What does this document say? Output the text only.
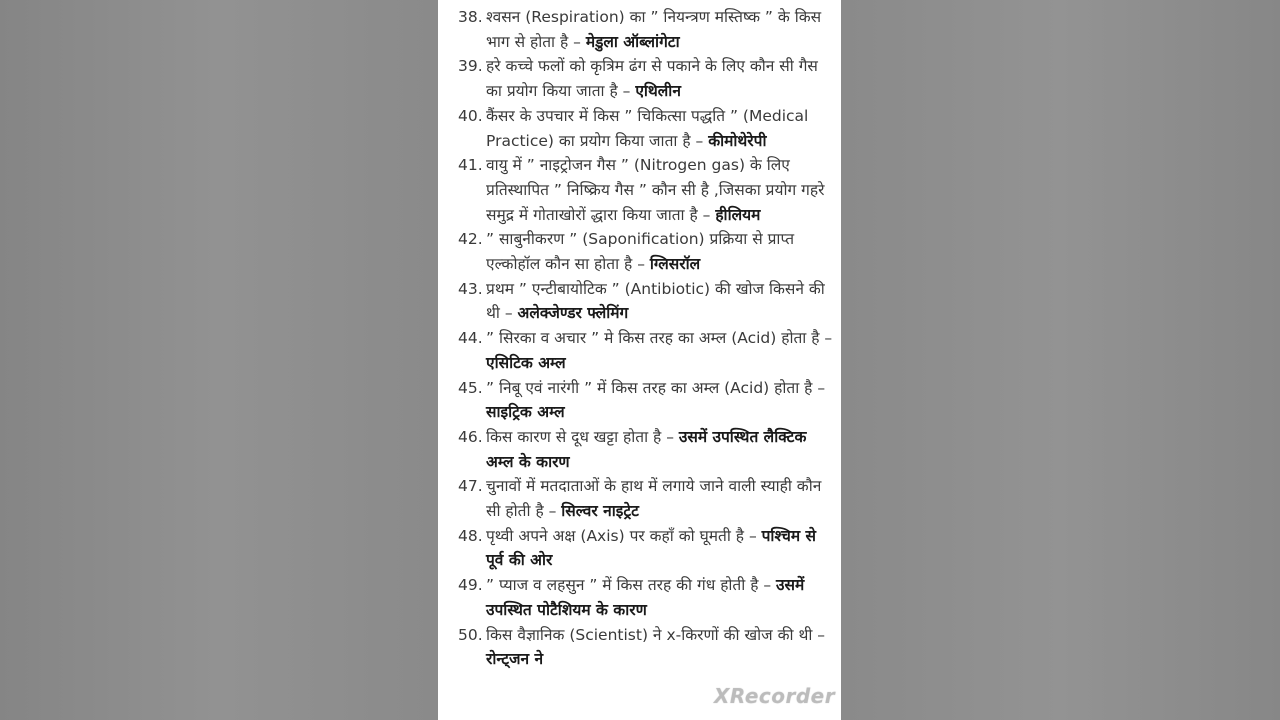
38. श्वसन (Respiration) का ” नियन्त्रण मस्तिष्क ” के किस भाग से होता है – मेडुला ऑब्लांगेटा
39. हरे कच्चे फलों को कृत्रिम ढंग से पकाने के लिए कौन सी गैस का प्रयोग किया जाता है – एथिलीन
40. कैंसर के उपचार में किस ” चिकित्सा पद्धति ” (Medical Practice) का प्रयोग किया जाता है – कीमोथेरेपी
41. वायु में ” नाइट्रोजन गैस ” (Nitrogen gas) के लिए प्रतिस्थापित ” निष्क्रिय गैस ” कौन सी है ,जिसका प्रयोग गहरे समुद्र में गोताखोरों द्धारा किया जाता है – हीलियम
42. ” साबुनीकरण ” (Saponification) प्रक्रिया से प्राप्त एल्कोहॉल कौन सा होता है – ग्लिसरॉल
43. प्रथम ” एन्टीबायोटिक ” (Antibiotic) की खोज किसने की थी – अलेक्जेण्डर फ्लेमिंग
44. ” सिरका व अचार ” मे किस तरह का अम्ल (Acid) होता है – एसिटिक अम्ल
45. ” निबू एवं नारंगी ” में किस तरह का अम्ल (Acid) होता है – साइट्रिक अम्ल
46. किस कारण से दूध खट्टा होता है – उसमें उपस्थित लैक्टिक अम्ल के कारण
47. चुनावों में मतदाताओं के हाथ में लगाये जाने वाली स्याही कौन सी होती है – सिल्वर नाइट्रेट
48. पृथ्वी अपने अक्ष (Axis) पर कहाँ को घूमती है – पश्चिम से पूर्व की ओर
49. ” प्याज व लहसुन ” में किस तरह की गंध होती है – उसमें उपस्थित पोटैशियम के कारण
50. किस वैज्ञानिक (Scientist) ने x-किरणों की खोज की थी –रोन्ट्जन ने
XRecorder
